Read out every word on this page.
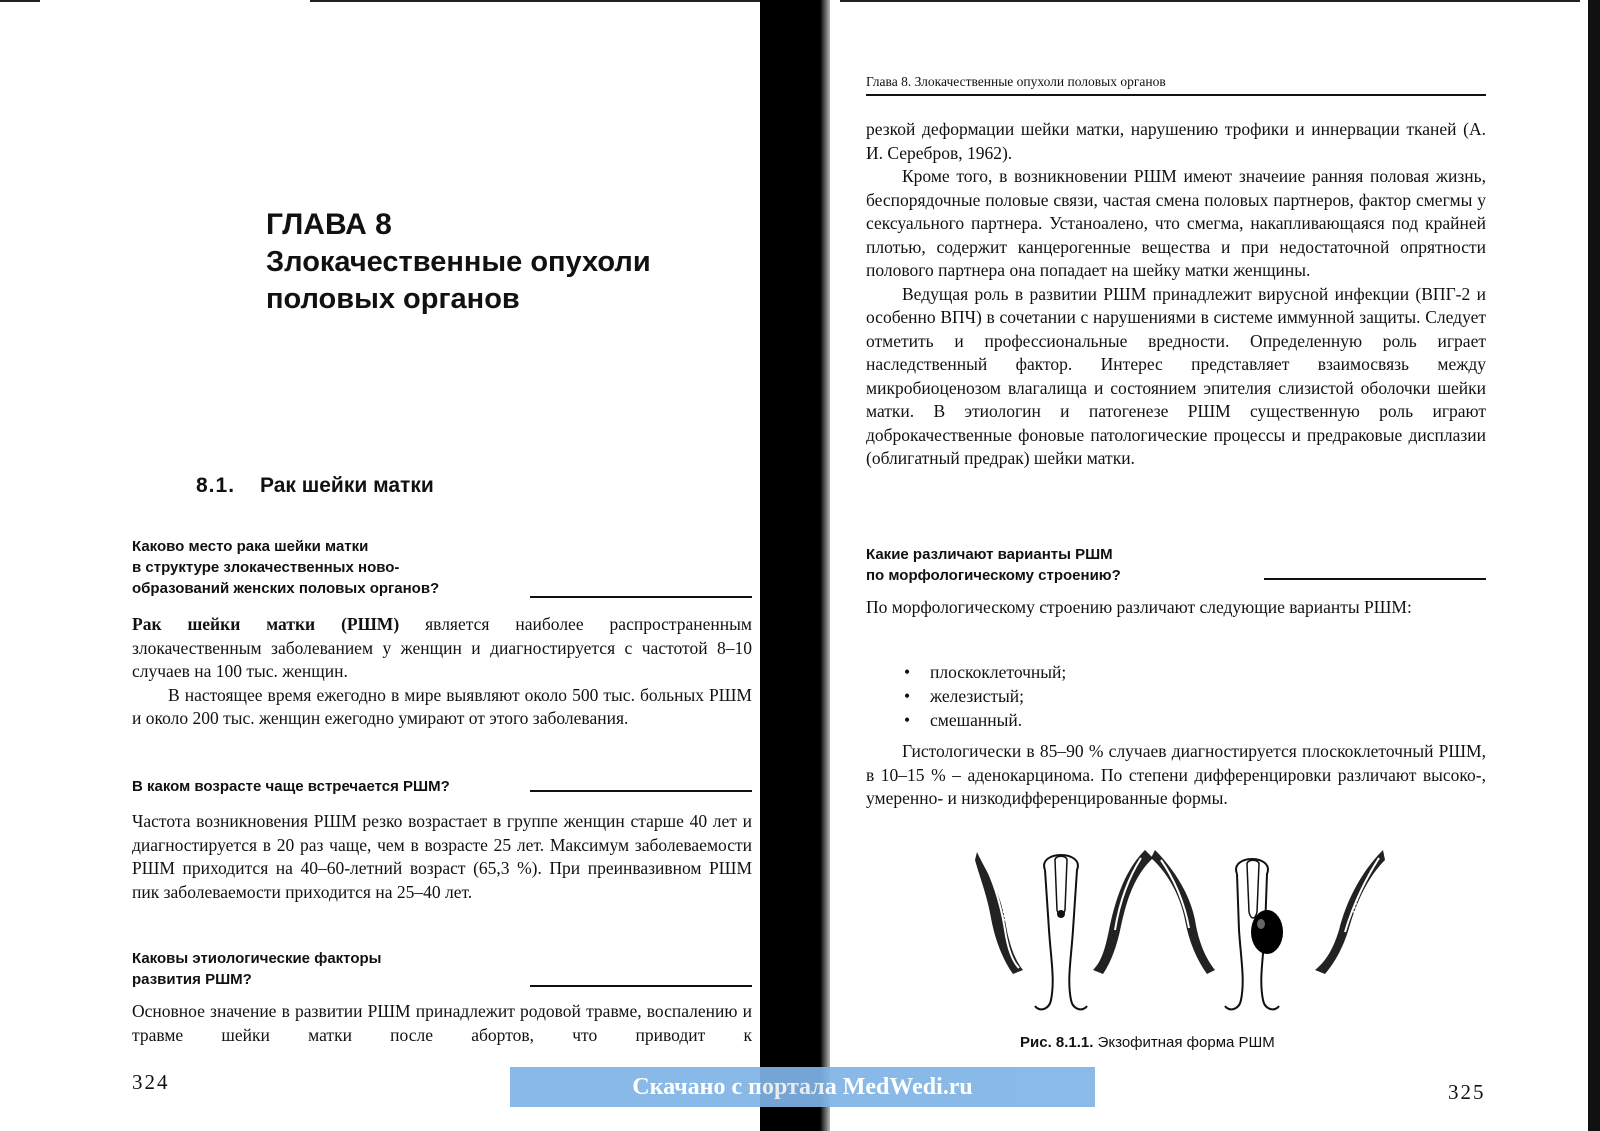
ГЛАВА 8
Злокачественные опухоли
половых органов
8.1. Рак шейки матки
Каково место рака шейки матки
в структуре злокачественных ново-
образований женских половых органов?

Рак шейки матки (РШМ) является наиболее распространенным злокачественным заболеванием у женщин и диагностируется с частотой 8–10 случаев на 100 тыс. женщин.

В настоящее время ежегодно в мире выявляют около 500 тыс. больных РШМ и около 200 тыс. женщин ежегодно умирают от этого заболевания.

В каком возрасте чаще встречается РШМ?

Частота возникновения РШМ резко возрастает в группе женщин старше 40 лет и диагностируется в 20 раз чаще, чем в возрасте 25 лет. Максимум заболеваемости РШМ приходится на 40–60-летний возраст (65,3 %). При преинвазивном РШМ пик заболеваемости приходится на 25–40 лет.

Каковы этиологические факторы
развития РШМ?

Основное значение в развитии РШМ принадлежит родовой травме, воспалению и травме шейки матки после абортов, что приводит к

324
Глава 8. Злокачественные опухоли половых органов

резкой деформации шейки матки, нарушению трофики и иннервации тканей (А. И. Серебров, 1962).

Кроме того, в возникновении РШМ имеют значеиие ранняя половая жизнь, беспорядочные половые связи, частая смена половых партнеров, фактор смегмы у сексуального партнера. Устаноалено, что смегма, накапливающаяся под крайней плотью, содержит канцерогенные вещества и при недостаточной опрятности полового партнера она попадает на шейку матки женщины.

Ведущая роль в развитии РШМ принадлежит вирусной инфекции (ВПГ-2 и особенно ВПЧ) в сочетании с нарушениями в системе иммунной защиты. Следует отметить и профессиональные вредности. Определенную роль играет наследственный фактор. Интерес представляет взаимосвязь между микробиоценозом влагалища и состоянием эпителия слизистой оболочки шейки матки. В этиологин и патогенезе РШМ существенную роль играют доброкачественные фоновые патологические процессы и предраковые дисплазии (облигатный предрак) шейки матки.

Какие различают варианты РШМ
по морфологическому строению?

По морфологическому строению различают следующие варианты РШМ:

• плоскоклеточный;
• железистый;
• смешанный.

Гистологически в 85–90 % случаев диагностируется плоскоклеточный РШМ, в 10–15 % – аденокарцинома. По степени дифференцировки различают высоко-, умеренно- и низкодифференцированные формы.

Рис. 8.1.1. Экзофитная форма РШМ
325
Скачано с портала MedWedi.ru
